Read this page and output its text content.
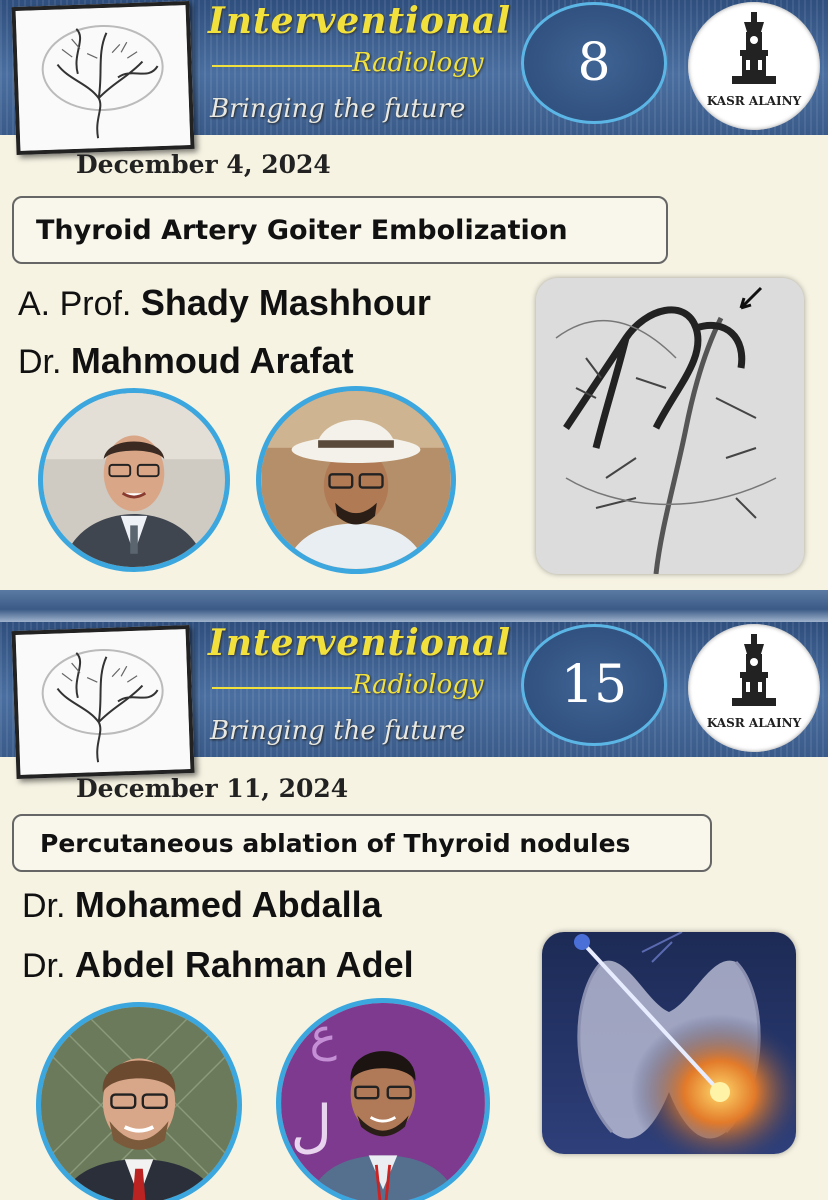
Interventional
Radiology
Bringing the future
8
KASR ALAINY
December 4, 2024
Thyroid Artery Goiter Embolization
A. Prof. Shady Mashhour
Dr. Mahmoud Arafat
Interventional
Radiology
Bringing the future
15
KASR ALAINY
December 11, 2024
Percutaneous ablation of Thyroid nodules
Dr. Mohamed Abdalla
Dr. Abdel Rahman Adel
ع
ل
